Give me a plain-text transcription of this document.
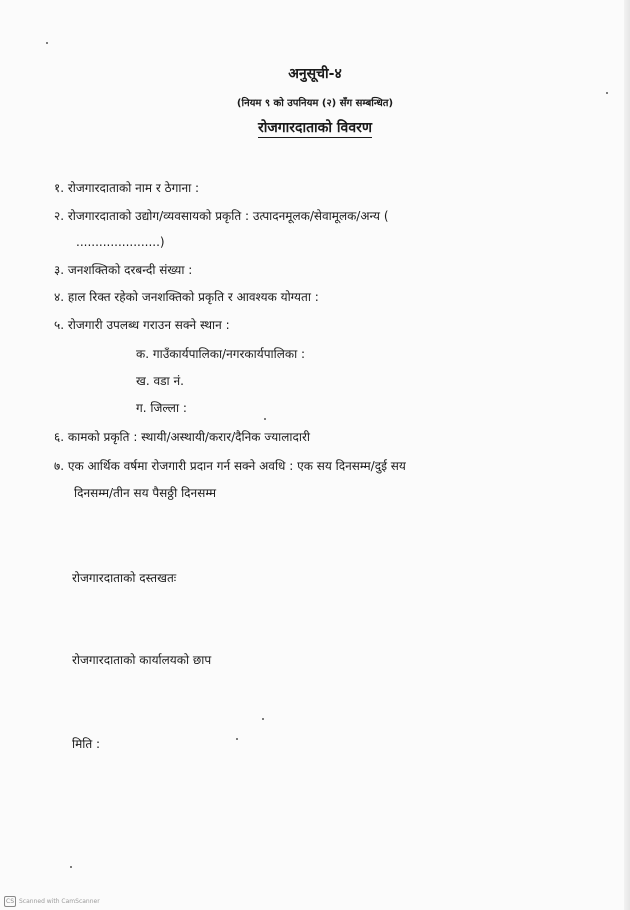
अनुसूची-४
(नियम ९ को उपनियम (२) सँग सम्बन्धित)
रोजगारदाताको विवरण
१. रोजगारदाताको नाम र ठेगाना :
२. रोजगारदाताको उद्योग/व्यवसायको प्रकृति : उत्पादनमूलक/सेवामूलक/अन्य (
......................)
३. जनशक्तिको दरबन्दी संख्या :
४. हाल रिक्त रहेको जनशक्तिको प्रकृति र आवश्यक योग्यता :
५. रोजगारी उपलब्ध गराउन सक्ने स्थान :
क. गाउँकार्यपालिका/नगरकार्यपालिका :
ख. वडा नं.
ग. जिल्ला :
६. कामको प्रकृति : स्थायी/अस्थायी/करार/दैनिक ज्यालादारी
७. एक आर्थिक वर्षमा रोजगारी प्रदान गर्न सक्ने अवधि : एक सय दिनसम्म/दुई सय
दिनसम्म/तीन सय पैसठ्ठी दिनसम्म
रोजगारदाताको दस्तखतः
रोजगारदाताको कार्यालयको छाप
मिति :
CS Scanned with CamScanner
